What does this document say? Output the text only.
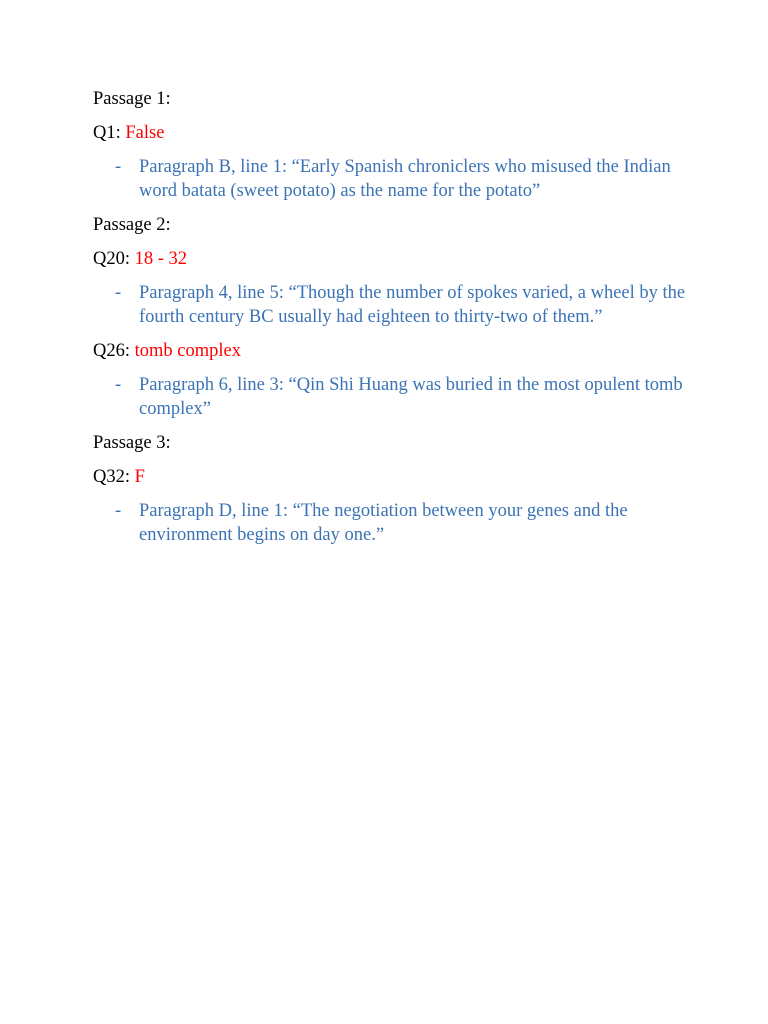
Passage 1:

Q1: False

- Paragraph B, line 1: “Early Spanish chroniclers who misused the Indian word batata (sweet potato) as the name for the potato”

Passage 2:

Q20: 18 - 32

- Paragraph 4, line 5: “Though the number of spokes varied, a wheel by the fourth century BC usually had eighteen to thirty-two of them.”

Q26: tomb complex

- Paragraph 6, line 3: “Qin Shi Huang was buried in the most opulent tomb complex”

Passage 3:

Q32: F

- Paragraph D, line 1: “The negotiation between your genes and the environment begins on day one.”
